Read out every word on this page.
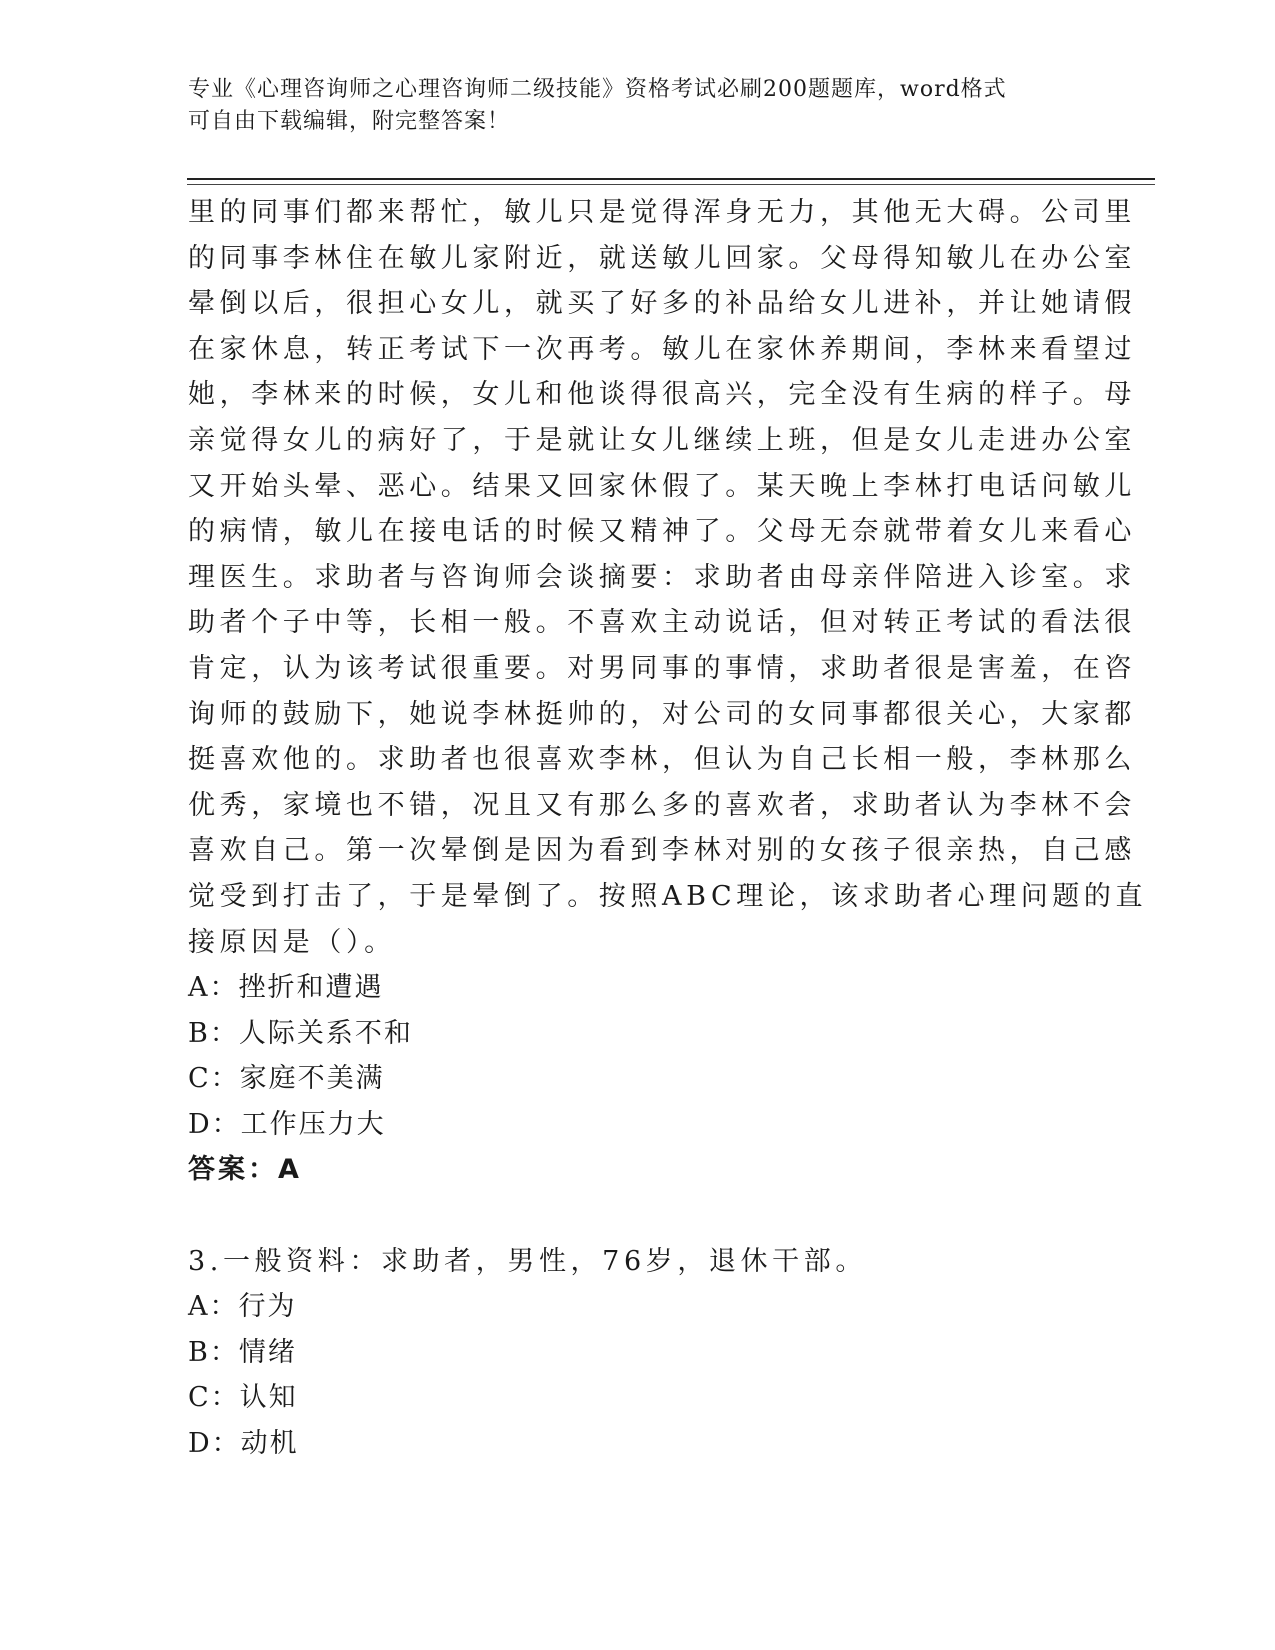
专业《心理咨询师之心理咨询师二级技能》资格考试必刷200题题库，word格式
可自由下载编辑，附完整答案！
里的同事们都来帮忙，敏儿只是觉得浑身无力，其他无大碍。公司里
的同事李林住在敏儿家附近，就送敏儿回家。父母得知敏儿在办公室
晕倒以后，很担心女儿，就买了好多的补品给女儿进补，并让她请假
在家休息，转正考试下一次再考。敏儿在家休养期间，李林来看望过
她，李林来的时候，女儿和他谈得很高兴，完全没有生病的样子。母
亲觉得女儿的病好了，于是就让女儿继续上班，但是女儿走进办公室
又开始头晕、恶心。结果又回家休假了。某天晚上李林打电话问敏儿
的病情，敏儿在接电话的时候又精神了。父母无奈就带着女儿来看心
理医生。求助者与咨询师会谈摘要：求助者由母亲伴陪进入诊室。求
助者个子中等，长相一般。不喜欢主动说话，但对转正考试的看法很
肯定，认为该考试很重要。对男同事的事情，求助者很是害羞，在咨
询师的鼓励下，她说李林挺帅的，对公司的女同事都很关心，大家都
挺喜欢他的。求助者也很喜欢李林，但认为自己长相一般，李林那么
优秀，家境也不错，况且又有那么多的喜欢者，求助者认为李林不会
喜欢自己。第一次晕倒是因为看到李林对别的女孩子很亲热，自己感
觉受到打击了，于是晕倒了。按照ABC理论，该求助者心理问题的直
接原因是（）。
A：挫折和遭遇
B：人际关系不和
C：家庭不美满
D：工作压力大
答案：A
3.一般资料：求助者，男性，76岁，退休干部。
A：行为
B：情绪
C：认知
D：动机
